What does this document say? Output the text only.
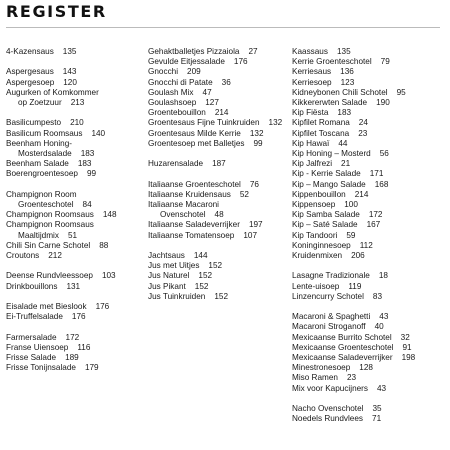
REGISTER
4-Kazensaus 135
Aspergesaus 143
Aspergesoep 120
Augurken of Komkommer
op Zoetzuur 213
Basilicumpesto 210
Basilicum Roomsaus 140
Beenham Honing-
Mosterdsalade 183
Beenham Salade 183
Boerengroentesoep 99
Champignon Room
Groenteschotel 84
Champignon Roomsaus 148
Champignon Roomsaus
Maaltijdmix 51
Chili Sin Carne Schotel 88
Croutons 212
Deense Rundvleessoep 103
Drinkbouillons 131
Eisalade met Bieslook 176
Ei-Truffelsalade 176
Farmersalade 172
Franse Uiensoep 116
Frisse Salade 189
Frisse Tonijnsalade 179
Gehaktballetjes Pizzaiola 27
Gevulde Eitjessalade 176
Gnocchi 209
Gnocchi di Patate 36
Goulash Mix 47
Goulashsoep 127
Groentebouillon 214
Groentesaus Fijne Tuinkruiden 132
Groentesaus Milde Kerrie 132
Groentesoep met Balletjes 99
Huzarensalade 187
Italiaanse Groenteschotel 76
Italiaanse Kruidensaus 52
Italiaanse Macaroni
Ovenschotel 48
Italiaanse Saladeverrijker 197
Italiaanse Tomatensoep 107
Jachtsaus 144
Jus met Uitjes 152
Jus Naturel 152
Jus Pikant 152
Jus Tuinkruiden 152
Kaassaus 135
Kerrie Groenteschotel 79
Kerriesaus 136
Kerriesoep 123
Kidneybonen Chili Schotel 95
Kikkererwten Salade 190
Kip Fiësta 183
Kipfilet Romana 24
Kipfilet Toscana 23
Kip Hawaï 44
Kip Honing – Mosterd 56
Kip Jalfrezi 21
Kip - Kerrie Salade 171
Kip – Mango Salade 168
Kippenbouillon 214
Kippensoep 100
Kip Samba Salade 172
Kip – Saté Salade 167
Kip Tandoori 59
Koninginnesoep 112
Kruidenmixen 206
Lasagne Tradizionale 18
Lente-uisoep 119
Linzencurry Schotel 83
Macaroni & Spaghetti 43
Macaroni Stroganoff 40
Mexicaanse Burrito Schotel 32
Mexicaanse Groenteschotel 91
Mexicaanse Saladeverrijker 198
Minestronesoep 128
Miso Ramen 23
Mix voor Kapucijners 43
Nacho Ovenschotel 35
Noedels Rundvlees 71
